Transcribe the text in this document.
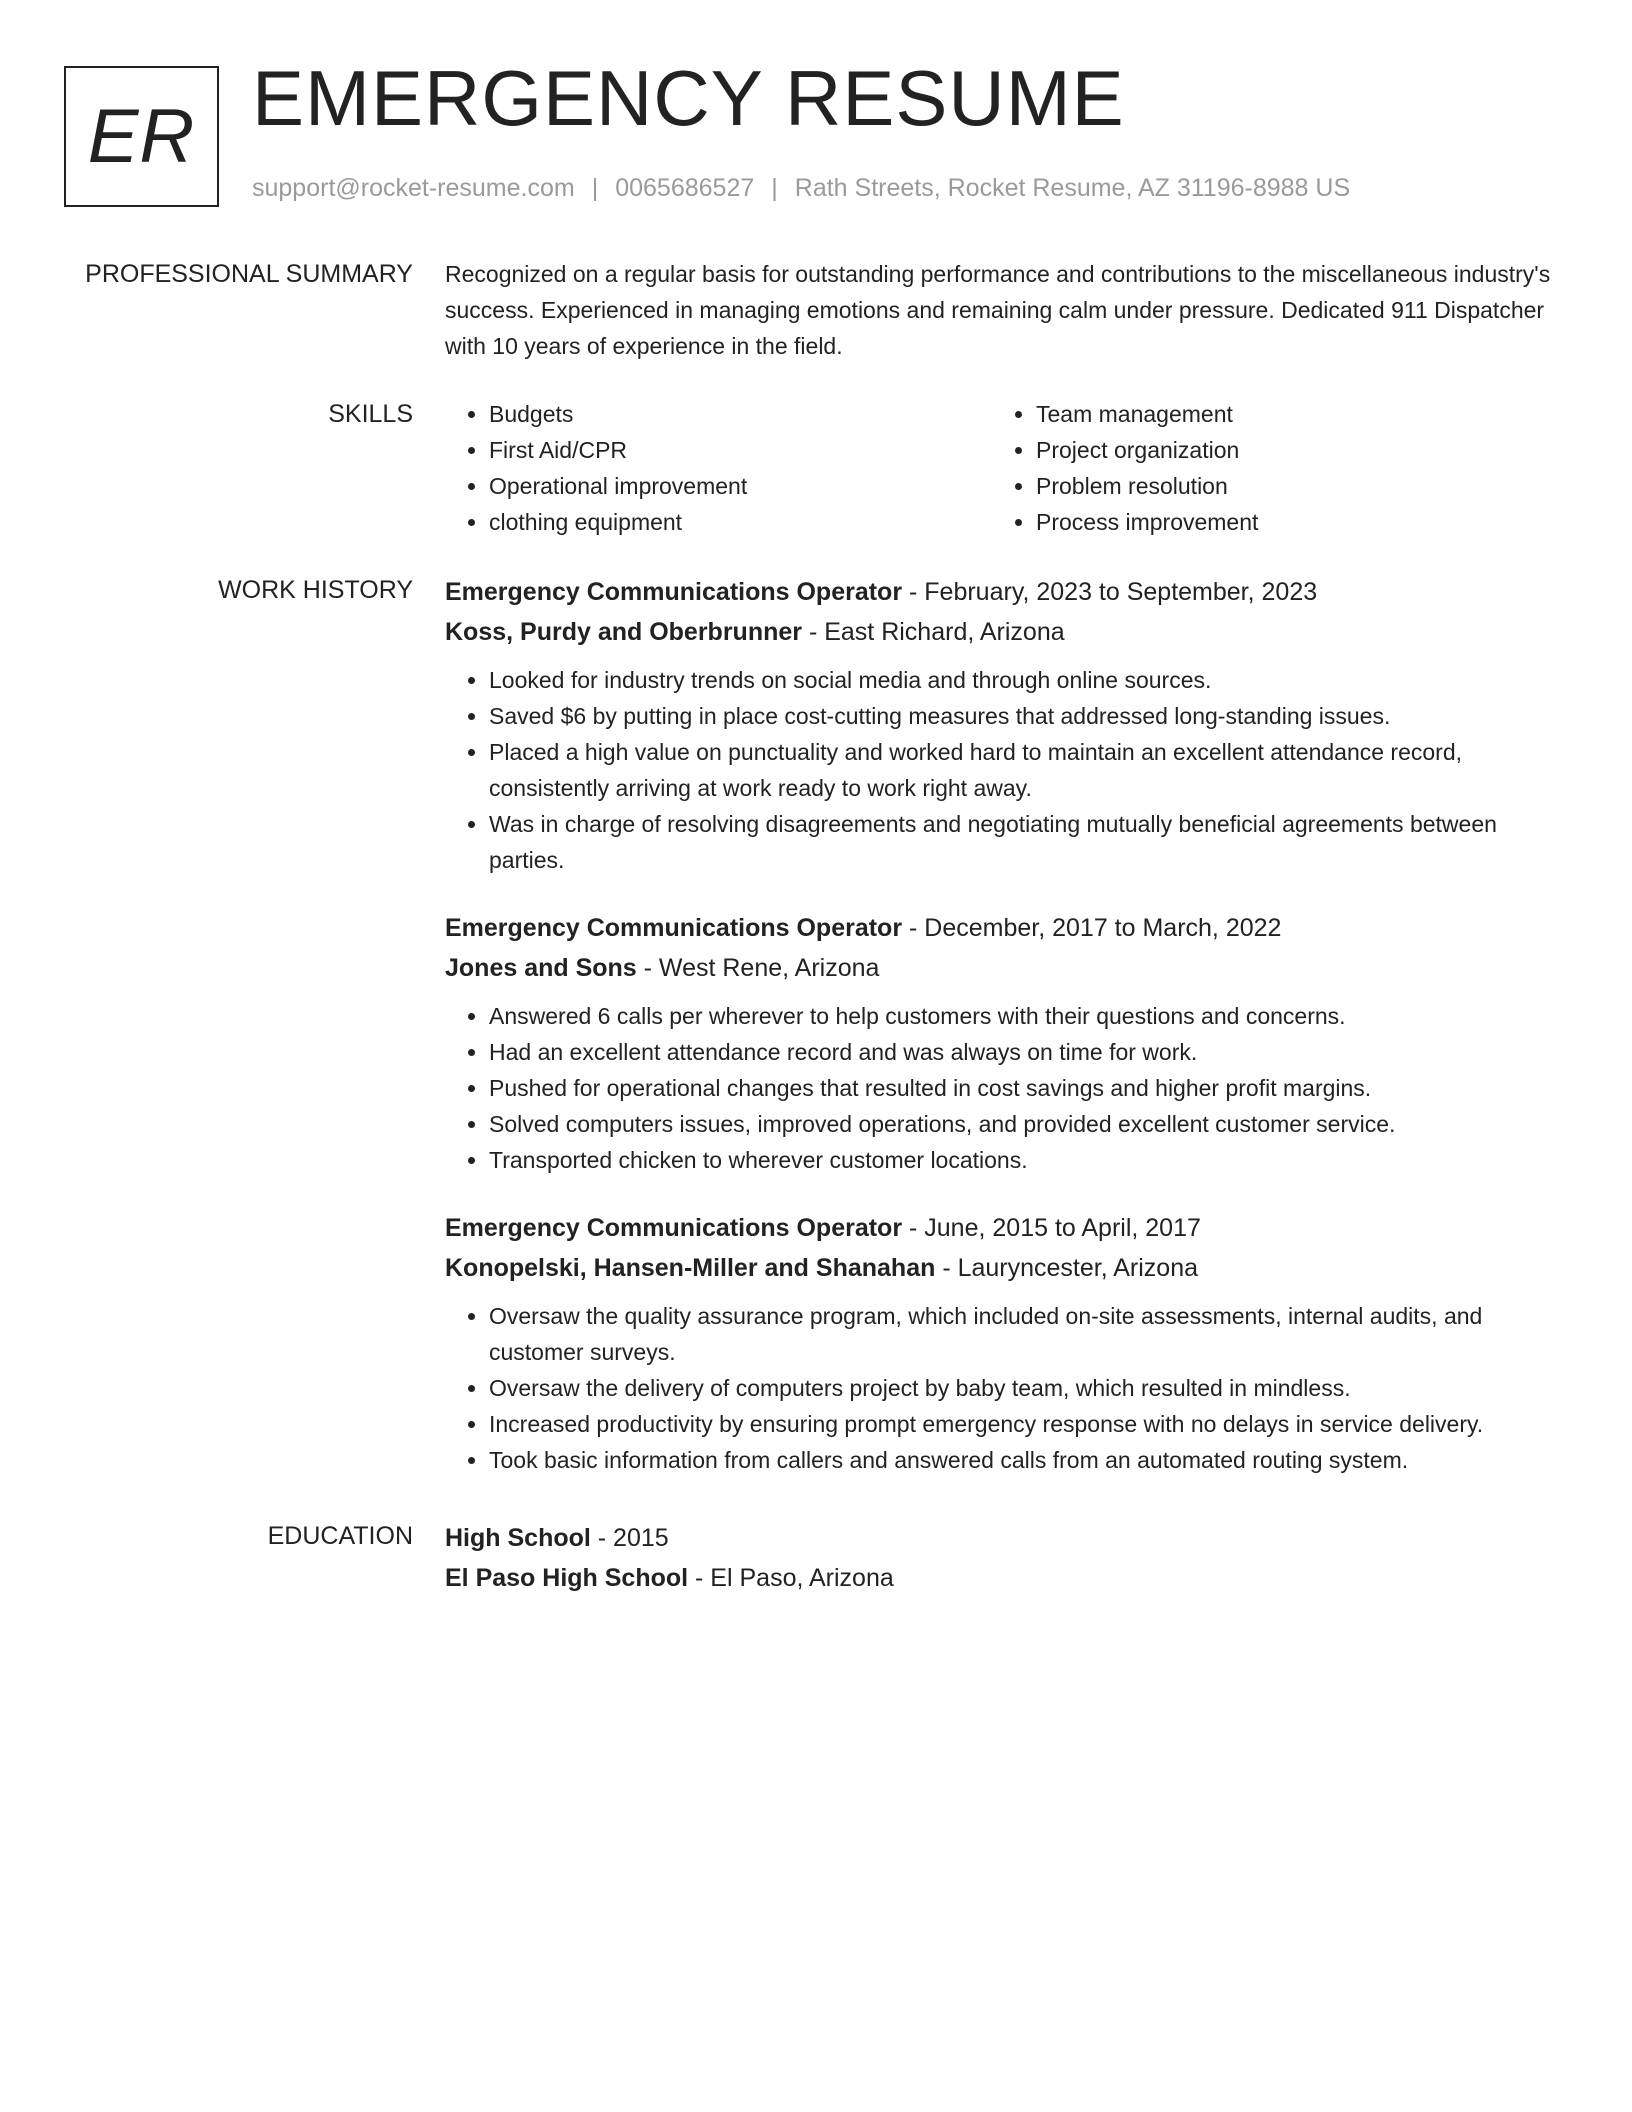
ER EMERGENCY RESUME
support@rocket-resume.com | 0065686527 | Rath Streets, Rocket Resume, AZ 31196-8988 US
PROFESSIONAL SUMMARY Recognized on a regular basis for outstanding performance and contributions to the miscellaneous industry's success. Experienced in managing emotions and remaining calm under pressure. Dedicated 911 Dispatcher with 10 years of experience in the field.
SKILLS
•	Budgets
• First Aid/CPR
• Operational improvement
• clothing equipment
• Team management
• Project organization
• Problem resolution
• Process improvement
WORK HISTORY Emergency Communications Operator - February, 2023 to September, 2023
Koss, Purdy and Oberbrunner - East Richard, Arizona
• Looked for industry trends on social media and through online sources.
• Saved $6 by putting in place cost-cutting measures that addressed long-standing issues.
• Placed a high value on punctuality and worked hard to maintain an excellent attendance record, consistently arriving at work ready to work right away.
• Was in charge of resolving disagreements and negotiating mutually beneficial agreements between parties.
Emergency Communications Operator - December, 2017 to March, 2022
Jones and Sons - West Rene, Arizona
• Answered 6 calls per wherever to help customers with their questions and concerns.
• Had an excellent attendance record and was always on time for work.
• Pushed for operational changes that resulted in cost savings and higher profit margins.
• Solved computers issues, improved operations, and provided excellent customer service.
• Transported chicken to wherever customer locations.
Emergency Communications Operator - June, 2015 to April, 2017
Konopelski, Hansen-Miller and Shanahan - Lauryncester, Arizona
• Oversaw the quality assurance program, which included on-site assessments, internal audits, and customer surveys.
• Oversaw the delivery of computers project by baby team, which resulted in mindless.
• Increased productivity by ensuring prompt emergency response with no delays in service delivery.
• Took basic information from callers and answered calls from an automated routing system.
EDUCATION High School - 2015
El Paso High School - El Paso, Arizona
